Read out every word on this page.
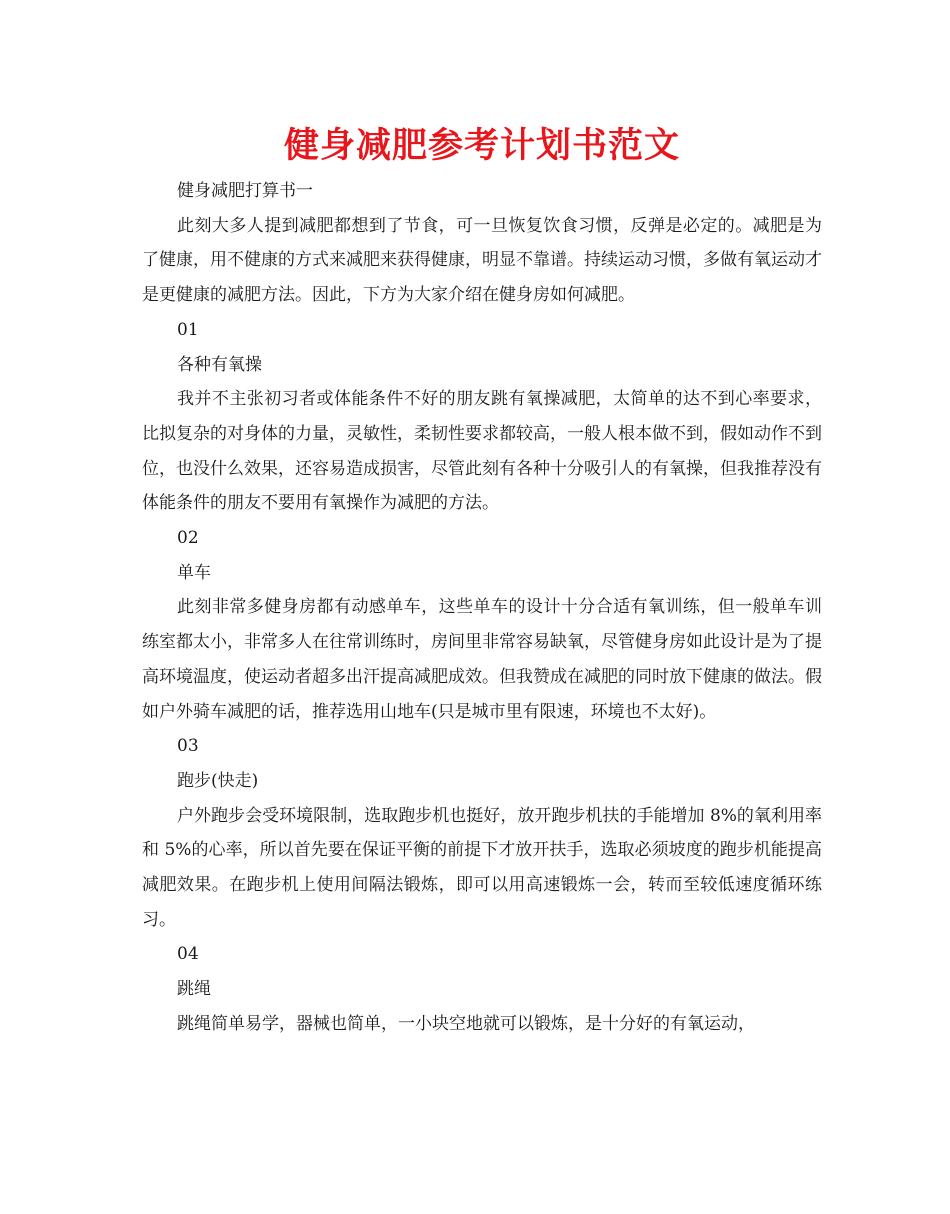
健身减肥参考计划书范文

健身减肥打算书一

此刻大多人提到减肥都想到了节食，可一旦恢复饮食习惯，反弹是必定的。减肥是为了健康，用不健康的方式来减肥来获得健康，明显不靠谱。持续运动习惯，多做有氧运动才是更健康的减肥方法。因此，下方为大家介绍在健身房如何减肥。

01

各种有氧操

我并不主张初习者或体能条件不好的朋友跳有氧操减肥，太简单的达不到心率要求，比拟复杂的对身体的力量，灵敏性，柔韧性要求都较高，一般人根本做不到，假如动作不到位，也没什么效果，还容易造成损害，尽管此刻有各种十分吸引人的有氧操，但我推荐没有体能条件的朋友不要用有氧操作为减肥的方法。

02

单车

此刻非常多健身房都有动感单车，这些单车的设计十分合适有氧训练，但一般单车训练室都太小，非常多人在往常训练时，房间里非常容易缺氧，尽管健身房如此设计是为了提高环境温度，使运动者超多出汗提高减肥成效。但我赞成在减肥的同时放下健康的做法。假如户外骑车减肥的话，推荐选用山地车(只是城市里有限速，环境也不太好)。

03

跑步(快走)

户外跑步会受环境限制，选取跑步机也挺好，放开跑步机扶的手能增加 8%的氧利用率和 5%的心率，所以首先要在保证平衡的前提下才放开扶手，选取必须坡度的跑步机能提高减肥效果。在跑步机上使用间隔法锻炼，即可以用高速锻炼一会，转而至较低速度循环练习。

04

跳绳

跳绳简单易学，器械也简单，一小块空地就可以锻炼，是十分好的有氧运动，
